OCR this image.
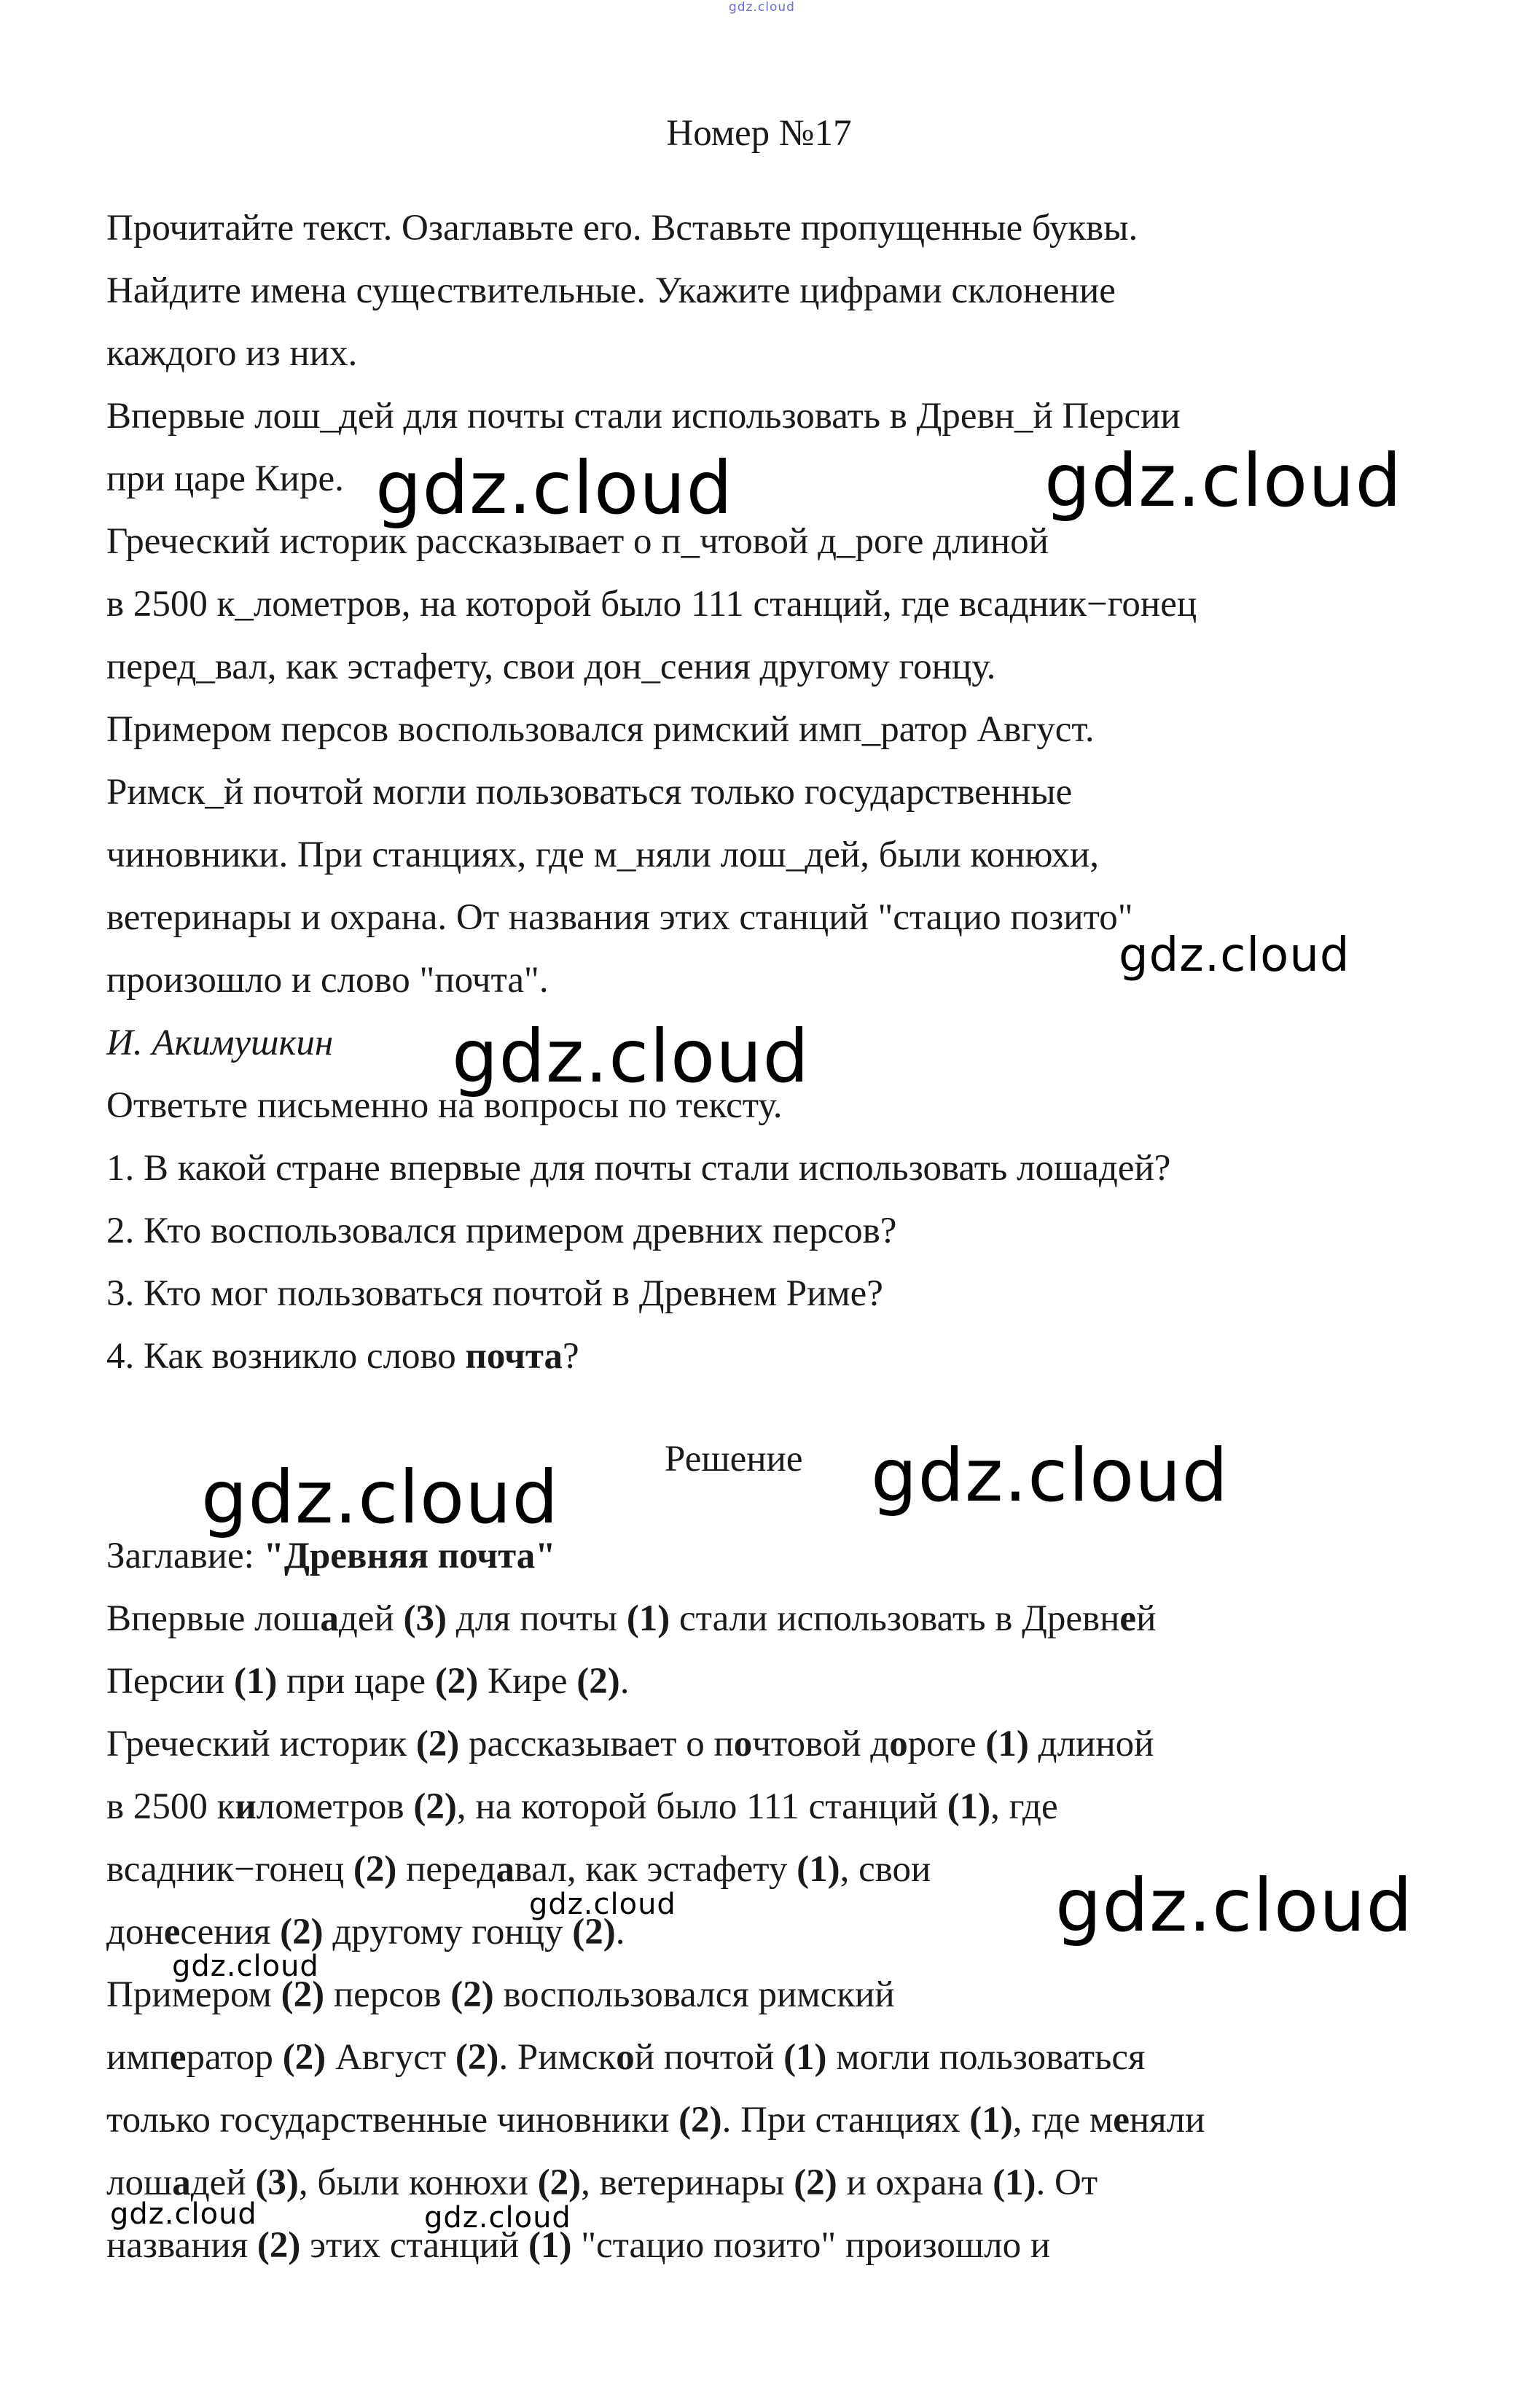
gdz.cloud
Номер №17
Прочитайте текст. Озаглавьте его. Вставьте пропущенные буквы.
Найдите имена существительные. Укажите цифрами склонение
каждого из них.
Впервые лош_дей для почты стали использовать в Древн_й Персии
при царе Кире.
Греческий историк рассказывает о п_чтовой д_роге длиной
в 2500 к_лометров, на которой было 111 станций, где всадник−гонец
перед_вал, как эстафету, свои дон_сения другому гонцу.
Примером персов воспользовался римский имп_ратор Август.
Римск_й почтой могли пользоваться только государственные
чиновники. При станциях, где м_няли лош_дей, были конюхи,
ветеринары и охрана. От названия этих станций "стацио позито"
произошло и слово "почта".
И. Акимушкин
Ответьте письменно на вопросы по тексту.
1. В какой стране впервые для почты стали использовать лошадей?
2. Кто воспользовался примером древних персов?
3. Кто мог пользоваться почтой в Древнем Риме?
4. Как возникло слово почта?
Решение
Заглавие: "Древняя почта"
Впервые лошадей (3) для почты (1) стали использовать в Древней
Персии (1) при царе (2) Кире (2).
Греческий историк (2) рассказывает о почтовой дороге (1) длиной
в 2500 километров (2), на которой было 111 станций (1), где
всадник−гонец (2) передавал, как эстафету (1), свои
донесения (2) другому гонцу (2).
Примером (2) персов (2) воспользовался римский
император (2) Август (2). Римской почтой (1) могли пользоваться
только государственные чиновники (2). При станциях (1), где меняли
лошадей (3), были конюхи (2), ветеринары (2) и охрана (1). От
названия (2) этих станций (1) "стацио позито" произошло и
gdz.cloud	gdz.cloud
gdz.cloud
gdz.cloud
gdz.cloud	gdz.cloud
gdz.cloud
gdz.cloud
gdz.cloud
gdz.cloud	gdz.cloud
